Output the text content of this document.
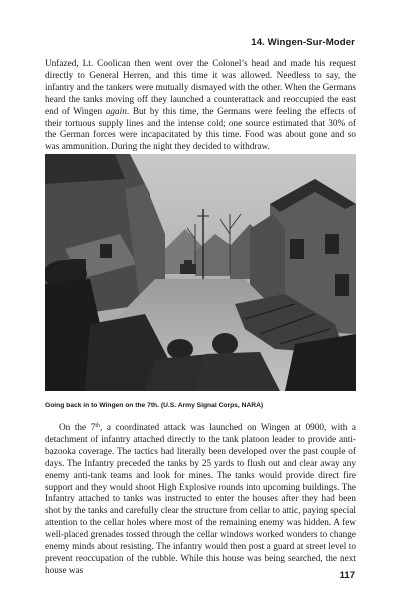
14. Wingen-Sur-Moder

Unfazed, Lt. Coolican then went over the Colonel’s head and made his request directly to General Herren, and this time it was allowed. Needless to say, the infantry and the tankers were mutually dismayed with the other. When the Germans heard the tanks moving off they launched a counterattack and reoccupied the east end of Wingen again. But by this time, the Germans were feeling the effects of their tortuous supply lines and the intense cold; one source estimated that 30% of the German forces were incapacitated by this time. Food was about gone and so was ammunition. During the night they decided to withdraw.

Going back in to Wingen on the 7th. (U.S. Army Signal Corps, NARA)

On the 7th, a coordinated attack was launched on Wingen at 0900, with a detachment of infantry attached directly to the tank platoon leader to provide anti-bazooka coverage. The tactics had literally been developed over the past couple of days. The Infantry preceded the tanks by 25 yards to flush out and clear away any enemy anti-tank teams and look for mines. The tanks would provide direct fire support and they would shoot High Explosive rounds into upcoming buildings. The Infantry attached to tanks was instructed to enter the houses after they had been shot by the tanks and carefully clear the structure from cellar to attic, paying special attention to the cellar holes where most of the remaining enemy was hidden. A few well-placed grenades tossed through the cellar windows worked wonders to change enemy minds about resisting. The infantry would then post a guard at street level to prevent reoccupation of the rubble. While this house was being searched, the next house was	117
